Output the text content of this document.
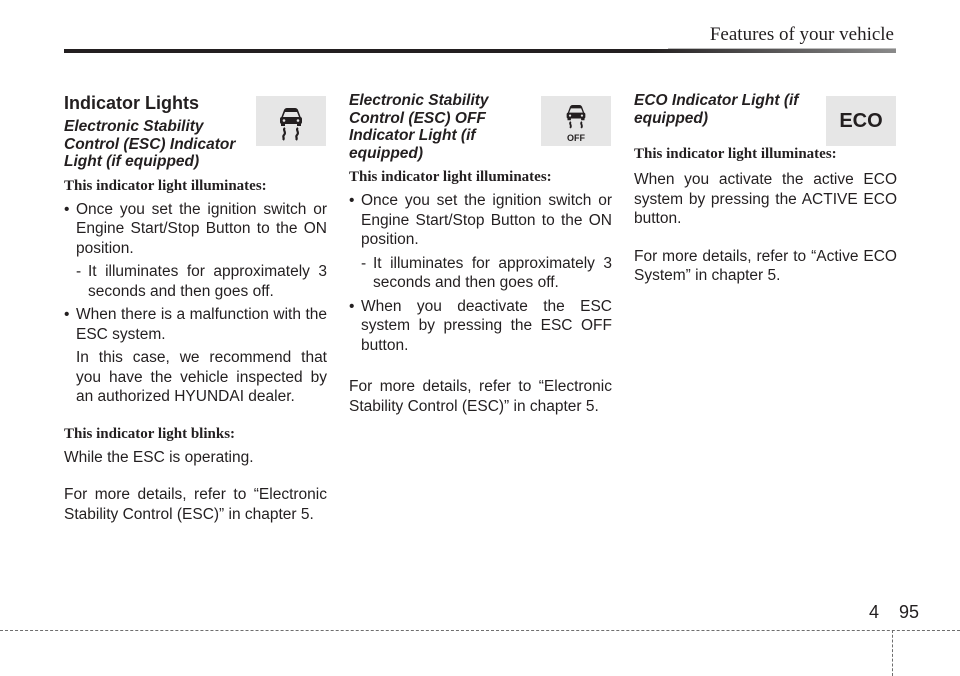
Features of your vehicle
Indicator Lights
Electronic Stability Control (ESC) Indicator Light (if equipped)
This indicator light illuminates:
• Once you set the ignition switch or Engine Start/Stop Button to the ON position.
- It illuminates for approximately 3 seconds and then goes off.
• When there is a malfunction with the ESC system.
In this case, we recommend that you have the vehicle inspected by an authorized HYUNDAI dealer.
This indicator light blinks:
While the ESC is operating.
For more details, refer to “Electronic Stability Control (ESC)” in chapter 5.
Electronic Stability Control (ESC) OFF Indicator Light (if equipped)
This indicator light illuminates:
• Once you set the ignition switch or Engine Start/Stop Button to the ON position.
- It illuminates for approximately 3 seconds and then goes off.
• When you deactivate the ESC system by pressing the ESC OFF button.
For more details, refer to “Electronic Stability Control (ESC)” in chapter 5.
OFF
ECO Indicator Light (if equipped)
This indicator light illuminates:
When you activate the active ECO system by pressing the ACTIVE ECO button.
For more details, refer to “Active ECO System” in chapter 5.
ECO
4 95
